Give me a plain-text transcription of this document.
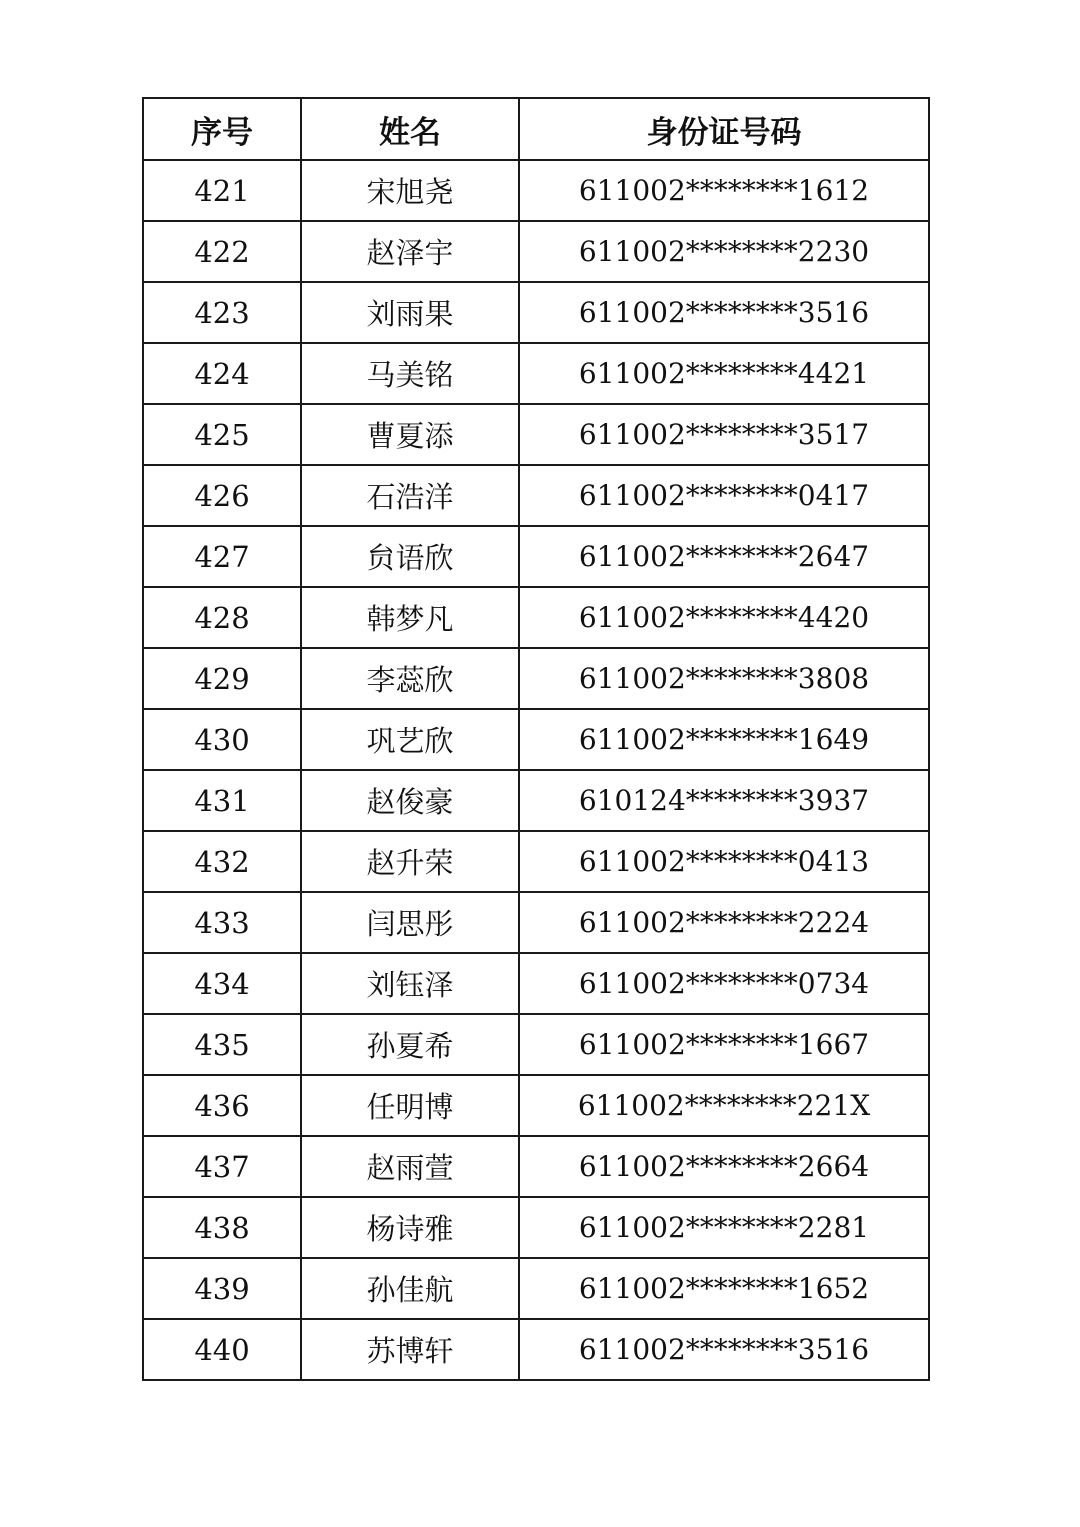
序号	姓名	身份证号码
421	宋旭尧	611002********1612
422	赵泽宇	611002********2230
423	刘雨果	611002********3516
424	马美铭	611002********4421
425	曹夏添	611002********3517
426	石浩洋	611002********0417
427	贠语欣	611002********2647
428	韩梦凡	611002********4420
429	李蕊欣	611002********3808
430	巩艺欣	611002********1649
431	赵俊豪	610124********3937
432	赵升荣	611002********0413
433	闫思彤	611002********2224
434	刘钰泽	611002********0734
435	孙夏希	611002********1667
436	任明博	611002********221X
437	赵雨萱	611002********2664
438	杨诗雅	611002********2281
439	孙佳航	611002********1652
440	苏博轩	611002********3516
